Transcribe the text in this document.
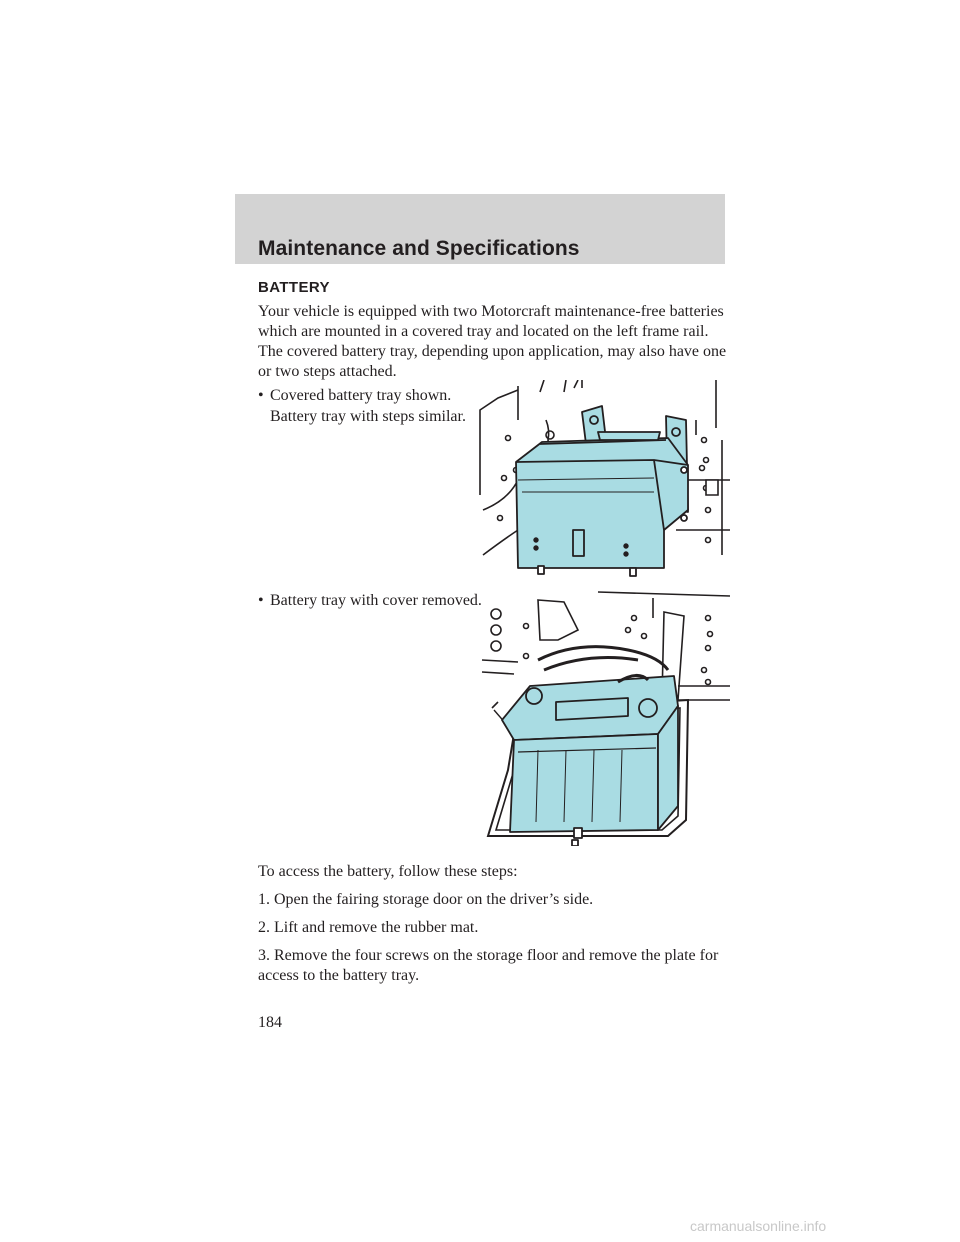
Maintenance and Specifications
BATTERY
Your vehicle is equipped with two Motorcraft maintenance-free batteries
which are mounted in a covered tray and located on the left frame rail.
The covered battery tray, depending upon application, may also have one
or two steps attached.
• Covered battery tray shown.
Battery tray with steps similar.
• Battery tray with cover removed.
To access the battery, follow these steps:
1. Open the fairing storage door on the driver’s side.
2. Lift and remove the rubber mat.
3. Remove the four screws on the storage floor and remove the plate for
access to the battery tray.
184
carmanualsonline.info
